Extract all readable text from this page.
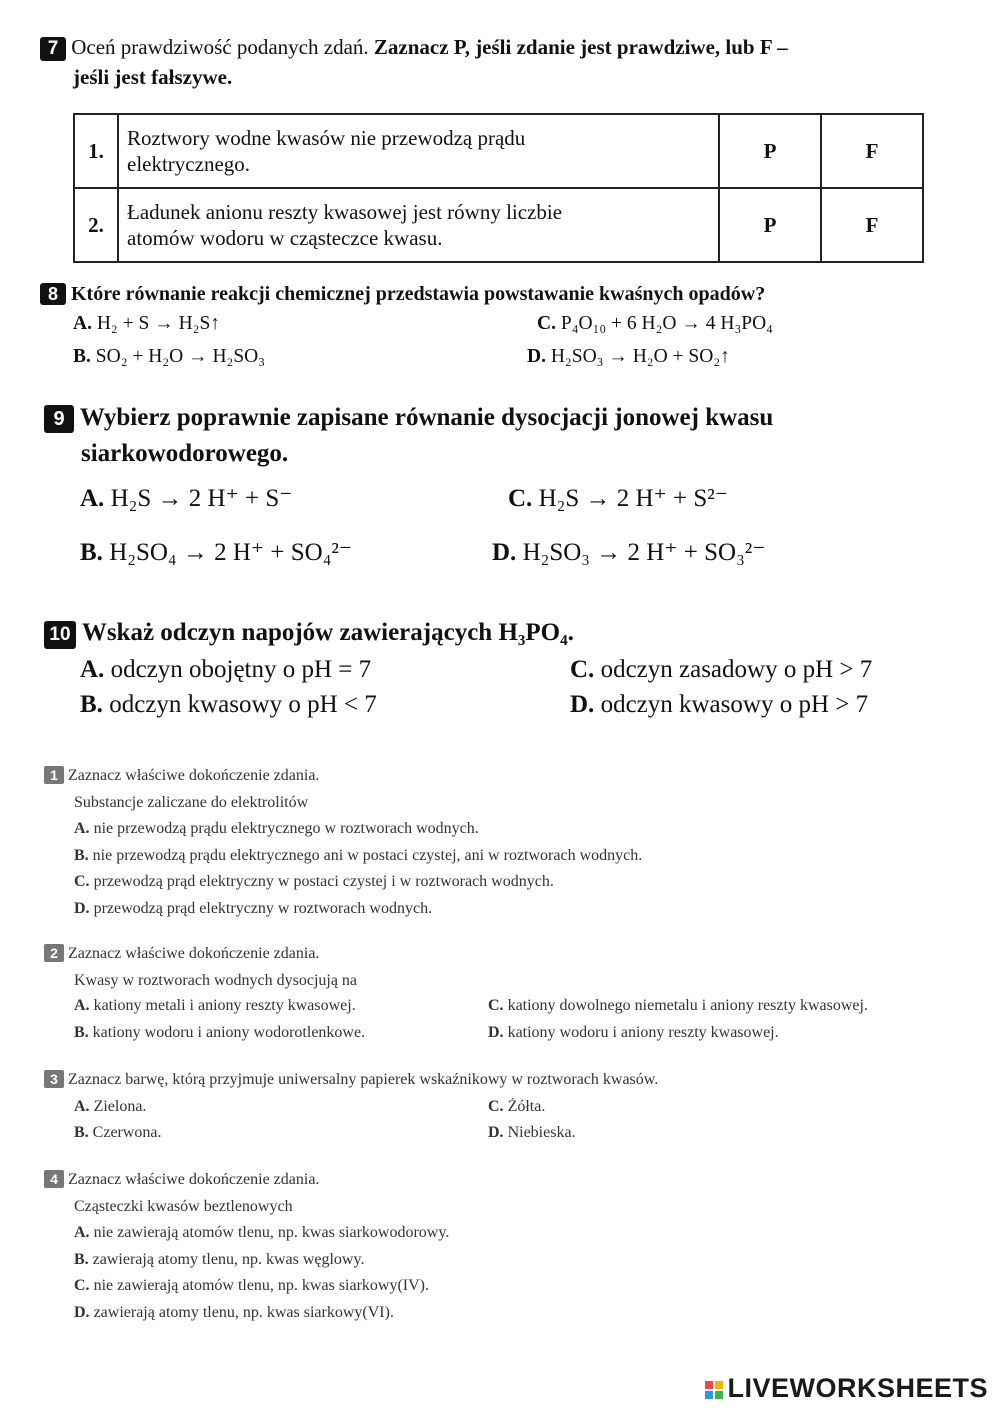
7 Oceń prawdziwość podanych zdań. Zaznacz P, jeśli zdanie jest prawdziwe, lub F –
jeśli jest fałszywe.
1.	Roztwory wodne kwasów nie przewodzą prądu
elektrycznego.	P	F
2.	Ładunek anionu reszty kwasowej jest równy liczbie
atomów wodoru w cząsteczce kwasu.	P	F
8 Które równanie reakcji chemicznej przedstawia powstawanie kwaśnych opadów?
A. H₂ + S → H₂S↑
B. SO₂ + H₂O → H₂SO₃
C. P₄O₁₀ + 6 H₂O → 4 H₃PO₄
D. H₂SO₃ → H₂O + SO₂↑
9 Wybierz poprawnie zapisane równanie dysocjacji jonowej kwasu
siarkowodorowego.
A. H₂S → 2 H⁺ + S⁻
B. H₂SO₄ → 2 H⁺ + SO₄²⁻
C. H₂S → 2 H⁺ + S²⁻
D. H₂SO₃ → 2 H⁺ + SO₃²⁻
10 Wskaż odczyn napojów zawierających H₃PO₄.
A. odczyn obojętny o pH = 7
B. odczyn kwasowy o pH < 7
C. odczyn zasadowy o pH > 7
D. odczyn kwasowy o pH > 7
1 Zaznacz właściwe dokończenie zdania.
Substancje zaliczane do elektrolitów
A. nie przewodzą prądu elektrycznego w roztworach wodnych.
B. nie przewodzą prądu elektrycznego ani w postaci czystej, ani w roztworach wodnych.
C. przewodzą prąd elektryczny w postaci czystej i w roztworach wodnych.
D. przewodzą prąd elektryczny w roztworach wodnych.
2 Zaznacz właściwe dokończenie zdania.
Kwasy w roztworach wodnych dysocjują na
A. kationy metali i aniony reszty kwasowej.
B. kationy wodoru i aniony wodorotlenkowe.
C. kationy dowolnego niemetalu i aniony reszty kwasowej.
D. kationy wodoru i aniony reszty kwasowej.
3 Zaznacz barwę, którą przyjmuje uniwersalny papierek wskaźnikowy w roztworach kwasów.
A. Zielona.
B. Czerwona.
C. Żółta.
D. Niebieska.
4 Zaznacz właściwe dokończenie zdania.
Cząsteczki kwasów beztlenowych
A. nie zawierają atomów tlenu, np. kwas siarkowodorowy.
B. zawierają atomy tlenu, np. kwas węglowy.
C. nie zawierają atomów tlenu, np. kwas siarkowy(IV).
D. zawierają atomy tlenu, np. kwas siarkowy(VI).
LIVEWORKSHEETS
